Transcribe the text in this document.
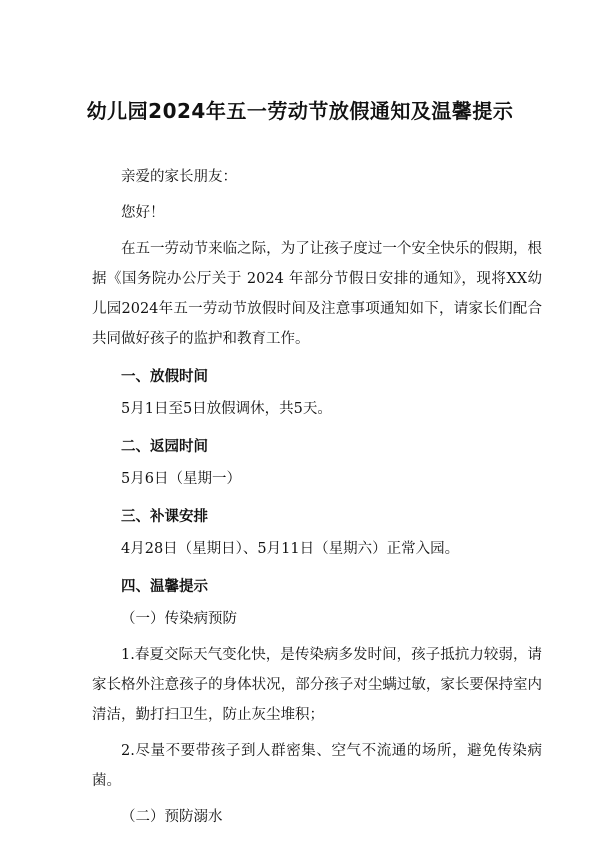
幼儿园2024年五一劳动节放假通知及温馨提示

亲爱的家长朋友：

您好！

在五一劳动节来临之际，为了让孩子度过一个安全快乐的假期，根据《国务院办公厅关于 2024 年部分节假日安排的通知》，现将XX幼儿园2024年五一劳动节放假时间及注意事项通知如下，请家长们配合共同做好孩子的监护和教育工作。

一、放假时间

5月1日至5日放假调休，共5天。

二、返园时间

5月6日（星期一）

三、补课安排

4月28日（星期日）、5月11日（星期六）正常入园。

四、温馨提示

（一）传染病预防

1.春夏交际天气变化快，是传染病多发时间，孩子抵抗力较弱，请家长格外注意孩子的身体状况，部分孩子对尘螨过敏，家长要保持室内清洁，勤打扫卫生，防止灰尘堆积；

2.尽量不要带孩子到人群密集、空气不流通的场所，避免传染病菌。

（二）预防溺水
